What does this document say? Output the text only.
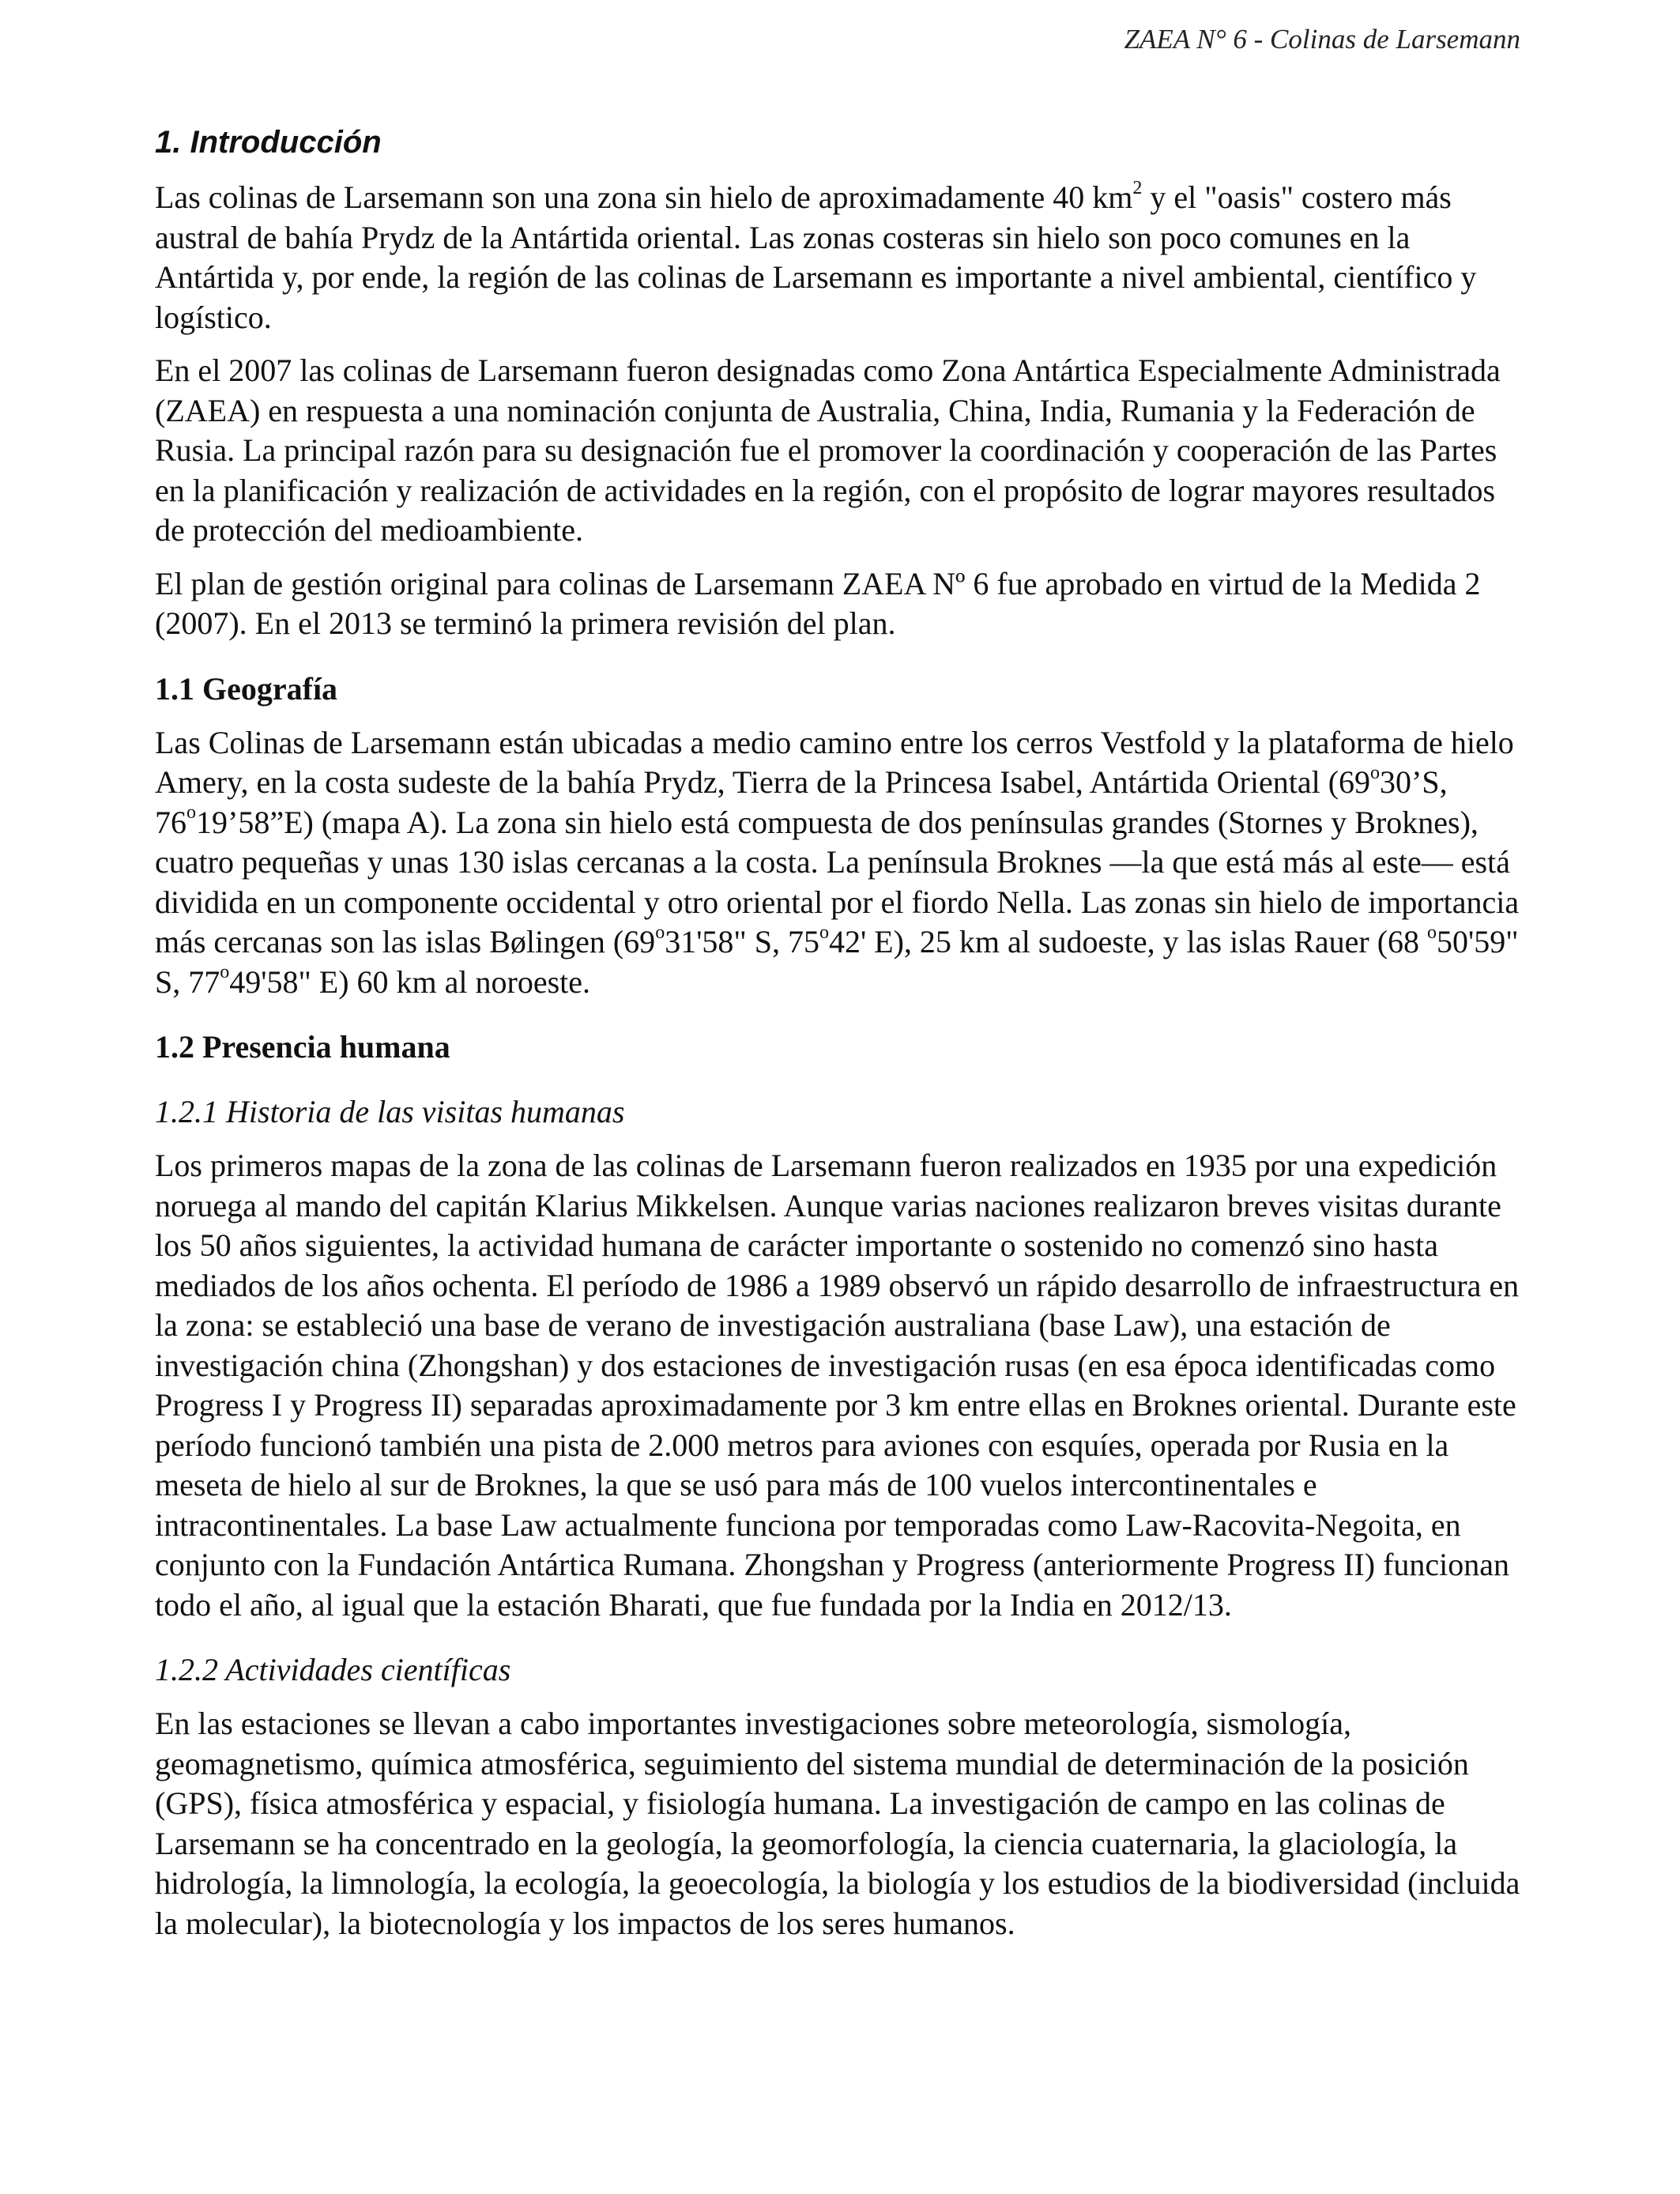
ZAEA N° 6 - Colinas de Larsemann
1. Introducción

Las colinas de Larsemann son una zona sin hielo de aproximadamente 40 $km^2$ y el "oasis" costero más austral de bahía Prydz de la Antártida oriental. Las zonas costeras sin hielo son poco comunes en la Antártida y, por ende, la región de las colinas de Larsemann es importante a nivel ambiental, científico y logístico.

En el 2007 las colinas de Larsemann fueron designadas como Zona Antártica Especialmente Administrada (ZAEA) en respuesta a una nominación conjunta de Australia, China, India, Rumania y la Federación de Rusia. La principal razón para su designación fue el promover la coordinación y cooperación de las Partes en la planificación y realización de actividades en la región, con el propósito de lograr mayores resultados de protección del medioambiente.

El plan de gestión original para colinas de Larsemann ZAEA Nº 6 fue aprobado en virtud de la Medida 2 (2007). En el 2013 se terminó la primera revisión del plan.

1.1 Geografía

Las Colinas de Larsemann están ubicadas a medio camino entre los cerros Vestfold y la plataforma de hielo Amery, en la costa sudeste de la bahía Prydz, Tierra de la Princesa Isabel, Antártida Oriental (69$^o$30’S, 76$^o$19’58”E) (mapa A). La zona sin hielo está compuesta de dos penínsulas grandes (Stornes y Broknes), cuatro pequeñas y unas 130 islas cercanas a la costa. La península Broknes —la que está más al este— está dividida en un componente occidental y otro oriental por el fiordo Nella. Las zonas sin hielo de importancia más cercanas son las islas Bølingen (69$^o$31'58" S, 75$^o$42' E), 25 km al sudoeste, y las islas Rauer (68 $^o$50'59" S, 77$^o$49'58" E) 60 km al noroeste.

1.2 Presencia humana
1.2.1 Historia de las visitas humanas

Los primeros mapas de la zona de las colinas de Larsemann fueron realizados en 1935 por una expedición noruega al mando del capitán Klarius Mikkelsen. Aunque varias naciones realizaron breves visitas durante los 50 años siguientes, la actividad humana de carácter importante o sostenido no comenzó sino hasta mediados de los años ochenta. El período de 1986 a 1989 observó un rápido desarrollo de infraestructura en la zona: se estableció una base de verano de investigación australiana (base Law), una estación de investigación china (Zhongshan) y dos estaciones de investigación rusas (en esa época identificadas como Progress I y Progress II) separadas aproximadamente por 3 km entre ellas en Broknes oriental. Durante este período funcionó también una pista de 2.000 metros para aviones con esquíes, operada por Rusia en la meseta de hielo al sur de Broknes, la que se usó para más de 100 vuelos intercontinentales e intracontinentales. La base Law actualmente funciona por temporadas como Law-Racovita-Negoita, en conjunto con la Fundación Antártica Rumana. Zhongshan y Progress (anteriormente Progress II) funcionan todo el año, al igual que la estación Bharati, que fue fundada por la India en 2012/13.

1.2.2 Actividades científicas

En las estaciones se llevan a cabo importantes investigaciones sobre meteorología, sismología, geomagnetismo, química atmosférica, seguimiento del sistema mundial de determinación de la posición (GPS), física atmosférica y espacial, y fisiología humana. La investigación de campo en las colinas de Larsemann se ha concentrado en la geología, la geomorfología, la ciencia cuaternaria, la glaciología, la hidrología, la limnología, la ecología, la geoecología, la biología y los estudios de la biodiversidad (incluida la molecular), la biotecnología y los impactos de los seres humanos.
